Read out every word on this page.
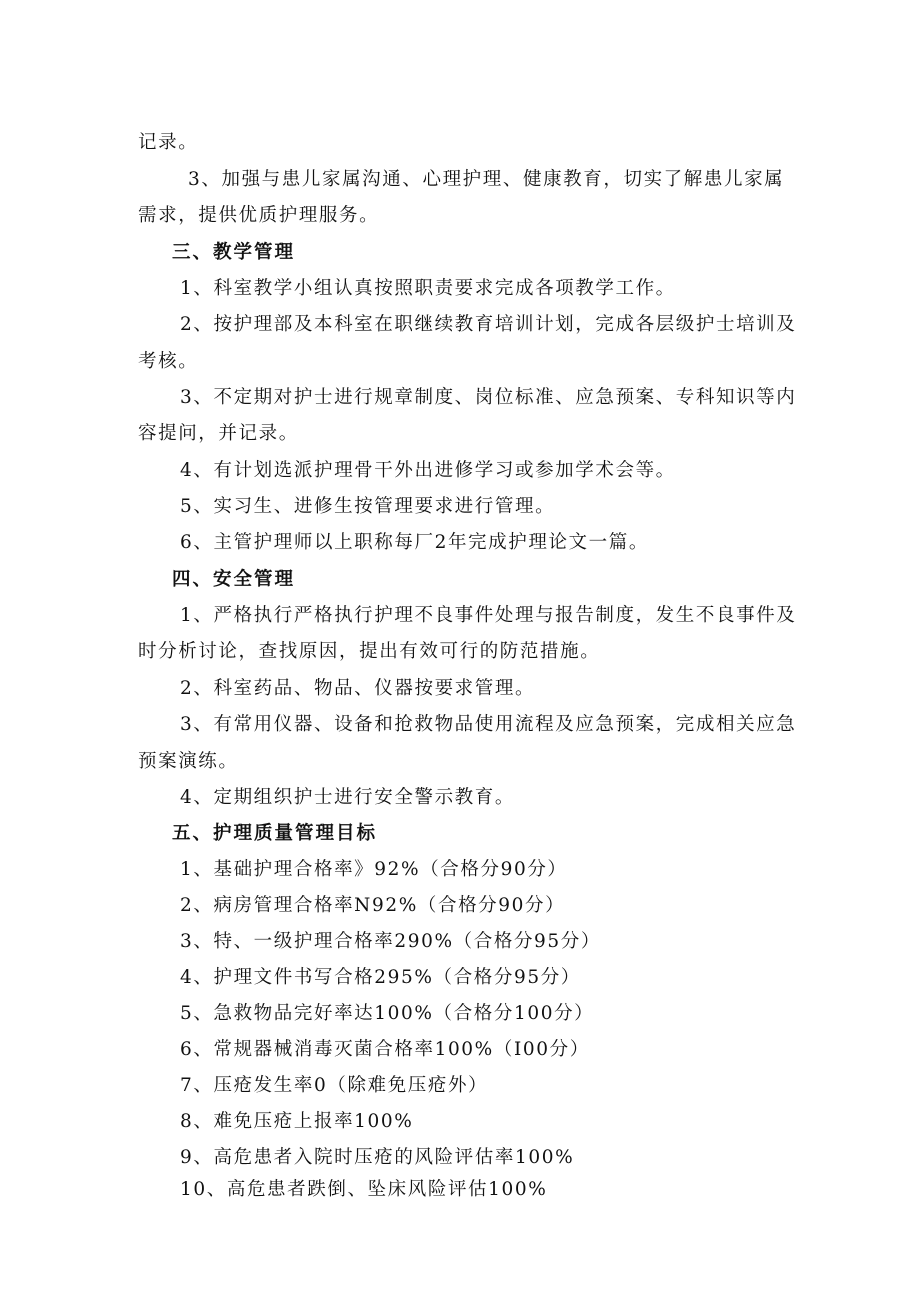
记录。
3、加强与患儿家属沟通、心理护理、健康教育，切实了解患儿家属
需求，提供优质护理服务。
三、教学管理
1、科室教学小组认真按照职责要求完成各项教学工作。
2、按护理部及本科室在职继续教育培训计划，完成各层级护士培训及
考核。
3、不定期对护士进行规章制度、岗位标准、应急预案、专科知识等内
容提问，并记录。
4、有计划选派护理骨干外出进修学习或参加学术会等。
5、实习生、进修生按管理要求进行管理。
6、主管护理师以上职称每厂2年完成护理论文一篇。
四、安全管理
1、严格执行严格执行护理不良事件处理与报告制度，发生不良事件及
时分析讨论，查找原因，提出有效可行的防范措施。
2、科室药品、物品、仪器按要求管理。
3、有常用仪器、设备和抢救物品使用流程及应急预案，完成相关应急
预案演练。
4、定期组织护士进行安全警示教育。
五、护理质量管理目标
1、基础护理合格率》92%（合格分90分）
2、病房管理合格率N92%（合格分90分）
3、特、一级护理合格率290%（合格分95分）
4、护理文件书写合格295%（合格分95分）
5、急救物品完好率达100%（合格分100分）
6、常规器械消毒灭菌合格率100%（I00分）
7、压疮发生率0（除难免压疮外）
8、难免压疮上报率100%
9、高危患者入院时压疮的风险评估率100%
10、高危患者跌倒、坠床风险评估100%
